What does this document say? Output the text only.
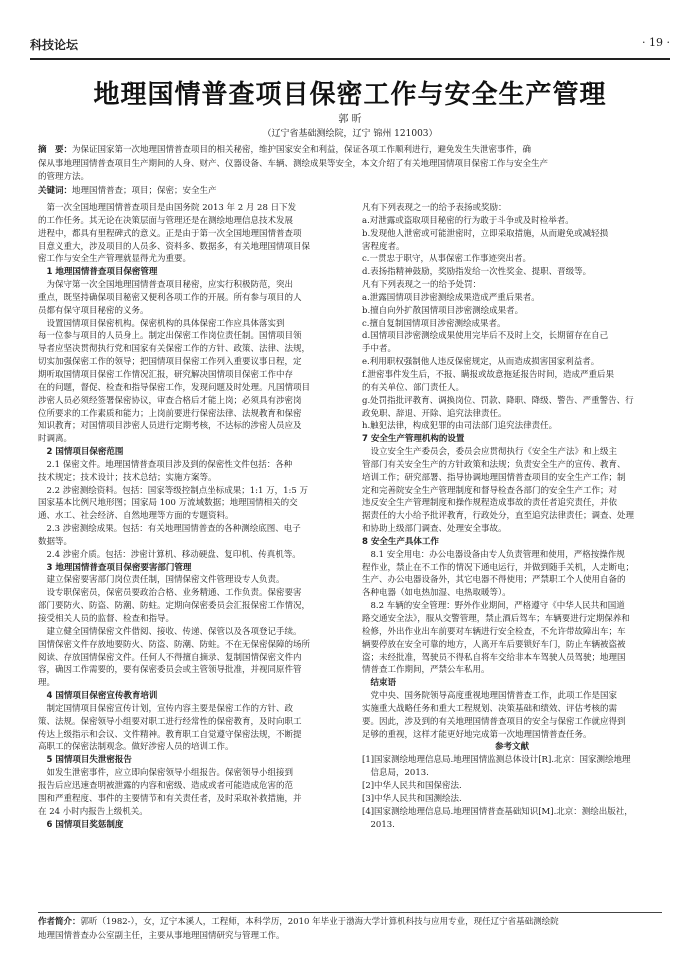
科技论坛	· 19 ·
地理国情普查项目保密工作与安全生产管理
郭 昕
（辽宁省基础测绘院，辽宁 锦州 121003）
摘　要：为保证国家第一次地理国情普查项目的相关秘密，维护国家安全和利益，保证各项工作顺利进行，避免发生失泄密事件，确
保从事地理国情普查项目生产期间的人身、财产、仪器设备、车辆、测绘成果等安全，本文介绍了有关地理国情项目保密工作与安全生产
的管理方法。
关键词：地理国情普查；项目；保密；安全生产
　第一次全国地理国情普查项目是由国务院 2013 年 2 月 28 日下发
的工作任务。其无论在决策层面与管理还是在测绘地理信息技术发展
进程中，都具有里程碑式的意义。正是由于第一次全国地理国情普查项
目意义重大，涉及项目的人员多、资料多、数据多，有关地理国情项目保
密工作与安全生产管理就显得尤为重要。
　1 地理国情普查项目保密管理
　为保守第一次全国地理国情普查项目秘密，应实行积极防范，突出
重点，既坚持确保项目秘密又便利各项工作的开展。所有参与项目的人
员都有保守项目秘密的义务。
　设置国情项目保密机构。保密机构的具体保密工作应具体落实到
每一位参与项目的人员身上。制定出保密工作岗位责任制。国情项目领
导者应坚决贯彻执行党和国家有关保密工作的方针、政策、法律、法规，
切实加强保密工作的领导；把国情项目保密工作列入重要议事日程，定
期听取国情项目保密工作情况汇报，研究解决国情项目保密工作中存
在的问题，督促、检查和指导保密工作，发现问题及时处理。凡国情项目
涉密人员必须经签署保密协议，审查合格后才能上岗；必须具有涉密岗
位所要求的工作素质和能力；上岗前要进行保密法律、法规教育和保密
知识教育；对国情项目涉密人员进行定期考核，不达标的涉密人员应及
时调离。
　2 国情项目保密范围
　2.1 保密文件。地理国情普查项目涉及到的保密性文件包括：各种
技术规定；技术设计；技术总结；实施方案等。
　2.2 涉密测绘资料。包括：国家等级控制点坐标成果；1:1 万，1:5 万
国家基本比例尺地形图；国家局 100 万流域数据；地理国情相关的交
通、水工、社会经济、自然地理等方面的专题资料。
　2.3 涉密测绘成果。包括：有关地理国情普查的各种测绘底图、电子
数据等。
　2.4 涉密介质。包括：涉密计算机、移动硬盘、复印机、传真机等。
　3 地理国情普查项目保密要害部门管理
　建立保密要害部门岗位责任制，国情保密文件管理设专人负责。
　设专职保密员，保密员要政治合格、业务精通、工作负责。保密要害
部门要防火、防盗、防潮、防蛀。定期向保密委员会汇报保密工作情况，
接受相关人员的监督、检查和指导。
　建立健全国情保密文件借阅、接收、传递、保管以及各项登记手续。
国情保密文件存放地要防火、防盗、防潮、防蛀。不在无保密保障的场所
阅读、存放国情保密文件。任何人不得擅自摘录、复制国情保密文件内
容，确因工作需要的，要有保密委员会或主管领导批准，并视同原件管
理。
　4 国情项目保密宣传教育培训
　制定国情项目保密宣传计划，宣传内容主要是保密工作的方针、政
策、法规。保密领导小组要对职工进行经常性的保密教育，及时向职工
传达上级指示和会议、文件精神。教育职工自觉遵守保密法规，不断提
高职工的保密法制观念。做好涉密人员的培训工作。
　5 国情项目失泄密报告
　如发生泄密事件，应立即向保密领导小组报告。保密领导小组接到
报告后应迅速查明被泄露的内容和密级、造成或者可能造成危害的范
围和严重程度、事件的主要情节和有关责任者，及时采取补救措施，并
在 24 小时内报告上级机关。
　6 国情项目奖惩制度
凡有下列表现之一的给予表扬或奖励：
a.对泄露或盗取项目秘密的行为敢于斗争或及时检举者。
b.发现他人泄密或可能泄密时，立即采取措施，从而避免或减轻损
害程度者。
c.一贯忠于职守，从事保密工作事迹突出者。
d.表扬指精神鼓励，奖励指发给一次性奖金、提职、晋级等。
凡有下列表现之一的给予处罚：
a.泄露国情项目涉密测绘成果造成严重后果者。
b.擅自向外扩散国情项目涉密测绘成果者。
c.擅自复制国情项目涉密测绘成果者。
d.国情项目涉密测绘成果使用完毕后不及时上交，长期留存在自己
手中者。
e.利用职权强制他人违反保密规定，从而造成损害国家利益者。
f.泄密事件发生后，不报、瞒报或故意拖延报告时间，造成严重后果
的有关单位、部门责任人。
g.处罚指批评教育、调换岗位、罚款、降职、降级、警告、严重警告、行
政免职、辞退、开除、追究法律责任。
h.触犯法律，构成犯罪的由司法部门追究法律责任。
7 安全生产管理机构的设置
　设立安全生产委员会，委员会应贯彻执行《安全生产法》和上级主
管部门有关安全生产的方针政策和法规；负责安全生产的宣传、教育、
培训工作；研究部署、指导协调地理国情普查项目的安全生产工作；制
定和完善院安全生产管理制度和督导检查各部门的安全生产工作；对
违反安全生产管理制度和操作规程造成事故的责任者追究责任，并依
据责任的大小给予批评教育，行政处分，直至追究法律责任；调查、处理
和协助上级部门调查、处理安全事故。
8 安全生产具体工作
　8.1 安全用电：办公电器设备由专人负责管理和使用，严格按操作规
程作业，禁止在不工作的情况下通电运行，并做到随手关机，人走断电；
生产、办公电器设备外，其它电器不得使用；严禁职工个人使用自备的
各种电器（如电热加湿、电热取暖等）。
　8.2 车辆的安全管理：野外作业期间，严格遵守《中华人民共和国道
路交通安全法》，服从交警管理，禁止酒后驾车；车辆要进行定期保养和
检修，外出作业出车前要对车辆进行安全检查，不允许带故障出车；车
辆要停放在安全可靠的地方，人离开车后要锁好车门，防止车辆被盗被
盗；未经批准，驾驶员不得私自将车交给非本车驾驶人员驾驶；地理国
情普查工作期间，严禁公车私用。
　结束语
　党中央、国务院领导高度重视地理国情普查工作，此项工作是国家
实施重大战略任务和重大工程规划、决策基础和绩效、评估考核的需
要。因此，涉及到的有关地理国情普查项目的安全与保密工作就应得到
足够的重视，这样才能更好地完成第一次地理国情普查任务。
参考文献
[1]国家测绘地理信息局.地理国情监测总体设计[R].北京：国家测绘地理
　信息局，2013.
[2]中华人民共和国保密法.
[3]中华人民共和国测绘法.
[4]国家测绘地理信息局.地理国情普查基础知识[M].北京：测绘出版社，
　2013.
作者简介：郭昕（1982-），女，辽宁本溪人，工程师，本科学历，2010 年毕业于渤海大学计算机科技与应用专业，现任辽宁省基础测绘院
地理国情普查办公室副主任，主要从事地理国情研究与管理工作。
